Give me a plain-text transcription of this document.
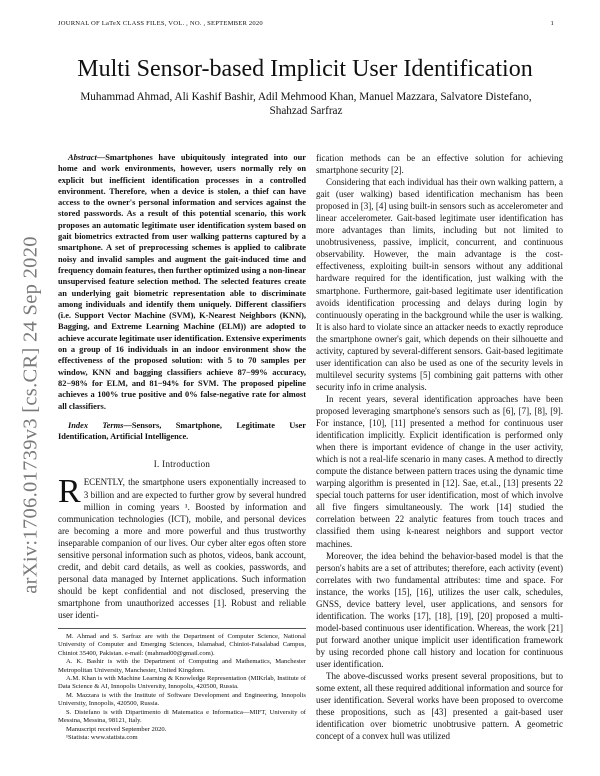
JOURNAL OF LaTeX CLASS FILES, VOL. , NO. , SEPTEMBER 2020	1
arXiv:1706.01739v3 [cs.CR] 24 Sep 2020
Multi Sensor-based Implicit User Identification
Muhammad Ahmad, Ali Kashif Bashir, Adil Mehmood Khan, Manuel Mazzara, Salvatore Distefano, Shahzad Sarfraz

Abstract—Smartphones have ubiquitously integrated into our home and work environments, however, users normally rely on explicit but inefficient identification processes in a controlled environment. Therefore, when a device is stolen, a thief can have access to the owner's personal information and services against the stored passwords. As a result of this potential scenario, this work proposes an automatic legitimate user identification system based on gait biometrics extracted from user walking patterns captured by a smartphone. A set of preprocessing schemes is applied to calibrate noisy and invalid samples and augment the gait-induced time and frequency domain features, then further optimized using a non-linear unsupervised feature selection method. The selected features create an underlying gait biometric representation able to discriminate among individuals and identify them uniquely. Different classifiers (i.e. Support Vector Machine (SVM), K-Nearest Neighbors (KNN), Bagging, and Extreme Learning Machine (ELM)) are adopted to achieve accurate legitimate user identification. Extensive experiments on a group of 16 individuals in an indoor environment show the effectiveness of the proposed solution: with 5 to 70 samples per window, KNN and bagging classifiers achieve 87−99% accuracy, 82−98% for ELM, and 81−94% for SVM. The proposed pipeline achieves a 100% true positive and 0% false-negative rate for almost all classifiers.

Index Terms—Sensors, Smartphone, Legitimate User Identification, Artificial Intelligence.

I. Introduction

RECENTLY, the smartphone users exponentially increased to 3 billion and are expected to further grow by several hundred million in coming years ¹. Boosted by information and communication technologies (ICT), mobile, and personal devices are becoming a more and more powerful and thus trustworthy inseparable companion of our lives. Our cyber alter egos often store sensitive personal information such as photos, videos, bank account, credit, and debit card details, as well as cookies, passwords, and personal data managed by Internet applications. Such information should be kept confidential and not disclosed, preserving the smartphone from unauthorized accesses [1]. Robust and reliable user identi-

M. Ahmad and S. Sarfraz are with the Department of Computer Science, National University of Computer and Emerging Sciences, Islamabad, Chiniot-Faisalabad Campus, Chiniot 35400, Pakistan. e-mail: (mahmad00@gmail.com).

A. K. Bashir is with the Department of Computing and Mathematics, Manchester Metropolitan University, Manchester, United Kingdom.

A.M. Khan is with Machine Learning & Knowledge Representation (MIKrlab, Institute of Data Science & AI, Innopolis University, Innopolis, 420500, Russia.

M. Mazzara is with the Institute of Software Development and Engineering, Innopolis University, Innopolis, 420500, Russia.

S. Distefano is with Dipartimento di Matematica e Informatica—MIFT, University of Messina, Messina, 98121, Italy.

Manuscript received September 2020.

¹Statista: www.statista.com

fication methods can be an effective solution for achieving smartphone security [2].

Considering that each individual has their own walking pattern, a gait (user walking) based identification mechanism has been proposed in [3], [4] using built-in sensors such as accelerometer and linear accelerometer. Gait-based legitimate user identification has more advantages than limits, including but not limited to unobtrusiveness, passive, implicit, concurrent, and continuous observability. However, the main advantage is the cost-effectiveness, exploiting built-in sensors without any additional hardware required for the identification, just walking with the smartphone. Furthermore, gait-based legitimate user identification avoids identification processing and delays during login by continuously operating in the background while the user is walking. It is also hard to violate since an attacker needs to exactly reproduce the smartphone owner's gait, which depends on their silhouette and activity, captured by several-different sensors. Gait-based legitimate user identification can also be used as one of the security levels in multilevel security systems [5] combining gait patterns with other security info in crime analysis.

In recent years, several identification approaches have been proposed leveraging smartphone's sensors such as [6], [7], [8], [9]. For instance, [10], [11] presented a method for continuous user identification implicitly. Explicit identification is performed only when there is important evidence of change in the user activity, which is not a real-life scenario in many cases. A method to directly compute the distance between pattern traces using the dynamic time warping algorithm is presented in [12]. Sae, et.al., [13] presents 22 special touch patterns for user identification, most of which involve all five fingers simultaneously. The work [14] studied the correlation between 22 analytic features from touch traces and classified them using k-nearest neighbors and support vector machines.

Moreover, the idea behind the behavior-based model is that the person's habits are a set of attributes; therefore, each activity (event) correlates with two fundamental attributes: time and space. For instance, the works [15], [16], utilizes the user calk, schedules, GNSS, device battery level, user applications, and sensors for identification. The works [17], [18], [19], [20] proposed a multi-model-based continuous user identification. Whereas, the work [21] put forward another unique implicit user identification framework by using recorded phone call history and location for continuous user identification.

The above-discussed works present several propositions, but to some extent, all these required additional information and source for user identification. Several works have been proposed to overcome these propositions, such as [43] presented a gait-based user identification over biometric unobtrusive pattern. A geometric concept of a convex hull was utilized
